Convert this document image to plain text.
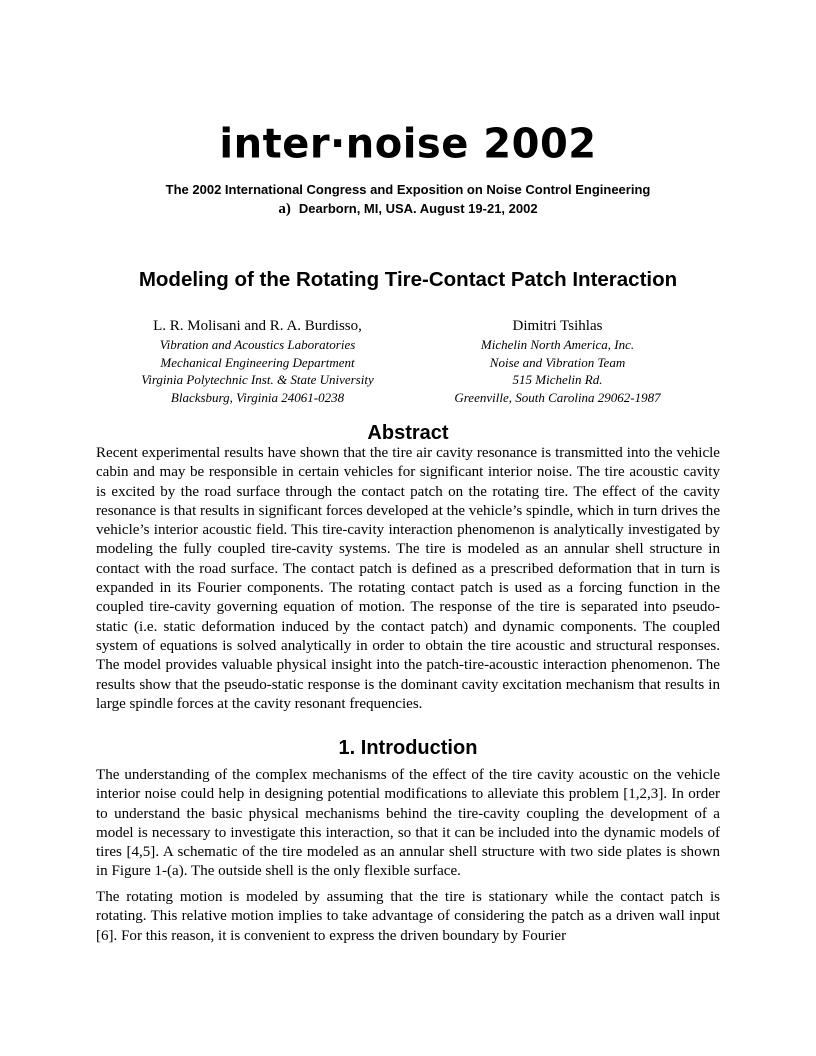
inter·noise 2002
The 2002 International Congress and Exposition on Noise Control Engineering
a) Dearborn, MI, USA. August 19-21, 2002
Modeling of the Rotating Tire-Contact Patch Interaction
L. R. Molisani and R. A. Burdisso,
Vibration and Acoustics Laboratories
Mechanical Engineering Department
Virginia Polytechnic Inst. & State University
Blacksburg, Virginia 24061-0238
Dimitri Tsihlas
Michelin North America, Inc.
Noise and Vibration Team
515 Michelin Rd.
Greenville, South Carolina 29062-1987
Abstract

Recent experimental results have shown that the tire air cavity resonance is transmitted into the vehicle cabin and may be responsible in certain vehicles for significant interior noise. The tire acoustic cavity is excited by the road surface through the contact patch on the rotating tire. The effect of the cavity resonance is that results in significant forces developed at the vehicle’s spindle, which in turn drives the vehicle’s interior acoustic field. This tire-cavity interaction phenomenon is analytically investigated by modeling the fully coupled tire-cavity systems. The tire is modeled as an annular shell structure in contact with the road surface. The contact patch is defined as a prescribed deformation that in turn is expanded in its Fourier components. The rotating contact patch is used as a forcing function in the coupled tire-cavity governing equation of motion. The response of the tire is separated into pseudo-static (i.e. static deformation induced by the contact patch) and dynamic components. The coupled system of equations is solved analytically in order to obtain the tire acoustic and structural responses. The model provides valuable physical insight into the patch-tire-acoustic interaction phenomenon. The results show that the pseudo-static response is the dominant cavity excitation mechanism that results in large spindle forces at the cavity resonant frequencies.

1. Introduction

The understanding of the complex mechanisms of the effect of the tire cavity acoustic on the vehicle interior noise could help in designing potential modifications to alleviate this problem [1,2,3]. In order to understand the basic physical mechanisms behind the tire-cavity coupling the development of a model is necessary to investigate this interaction, so that it can be included into the dynamic models of tires [4,5]. A schematic of the tire modeled as an annular shell structure with two side plates is shown in Figure 1-(a). The outside shell is the only flexible surface.

The rotating motion is modeled by assuming that the tire is stationary while the contact patch is rotating. This relative motion implies to take advantage of considering the patch as a driven wall input [6]. For this reason, it is convenient to express the driven boundary by Fourier
